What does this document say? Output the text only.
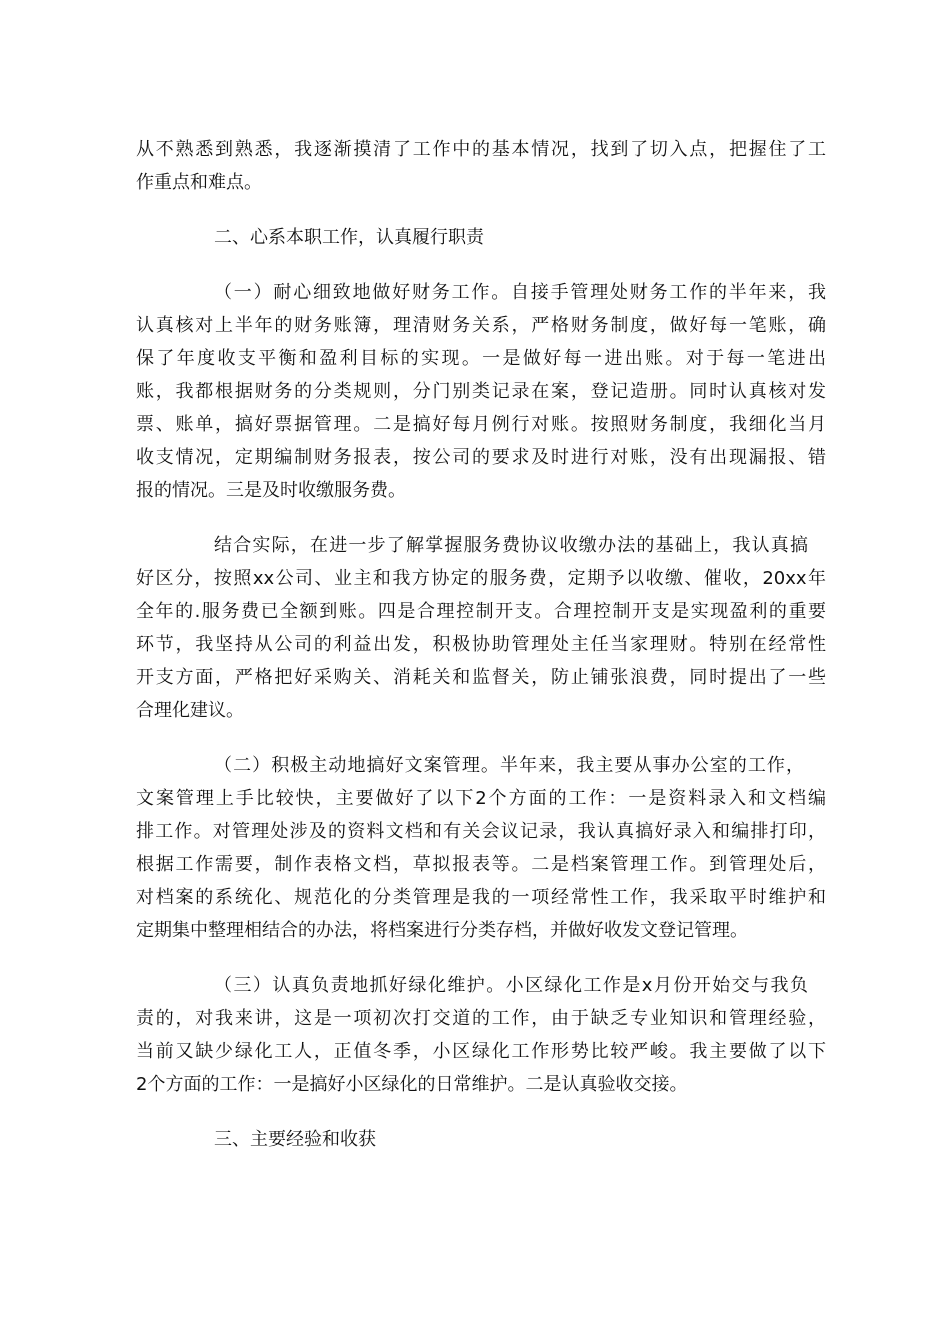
从不熟悉到熟悉，我逐渐摸清了工作中的基本情况，找到了切入点，把握住了工
作重点和难点。
二、心系本职工作，认真履行职责
（一）耐心细致地做好财务工作。自接手管理处财务工作的半年来，我
认真核对上半年的财务账簿，理清财务关系，严格财务制度，做好每一笔账，确
保了年度收支平衡和盈利目标的实现。一是做好每一进出账。对于每一笔进出
账，我都根据财务的分类规则，分门别类记录在案，登记造册。同时认真核对发
票、账单，搞好票据管理。二是搞好每月例行对账。按照财务制度，我细化当月
收支情况，定期编制财务报表，按公司的要求及时进行对账，没有出现漏报、错
报的情况。三是及时收缴服务费。
结合实际，在进一步了解掌握服务费协议收缴办法的基础上，我认真搞
好区分，按照xx公司、业主和我方协定的服务费，定期予以收缴、催收，20xx年
全年的.服务费已全额到账。四是合理控制开支。合理控制开支是实现盈利的重要
环节，我坚持从公司的利益出发，积极协助管理处主任当家理财。特别在经常性
开支方面，严格把好采购关、消耗关和监督关，防止铺张浪费，同时提出了一些
合理化建议。
（二）积极主动地搞好文案管理。半年来，我主要从事办公室的工作，
文案管理上手比较快，主要做好了以下2个方面的工作：一是资料录入和文档编
排工作。对管理处涉及的资料文档和有关会议记录，我认真搞好录入和编排打印，
根据工作需要，制作表格文档，草拟报表等。二是档案管理工作。到管理处后，
对档案的系统化、规范化的分类管理是我的一项经常性工作，我采取平时维护和
定期集中整理相结合的办法，将档案进行分类存档，并做好收发文登记管理。
（三）认真负责地抓好绿化维护。小区绿化工作是x月份开始交与我负
责的，对我来讲，这是一项初次打交道的工作，由于缺乏专业知识和管理经验，
当前又缺少绿化工人，正值冬季，小区绿化工作形势比较严峻。我主要做了以下
2个方面的工作：一是搞好小区绿化的日常维护。二是认真验收交接。
三、主要经验和收获
